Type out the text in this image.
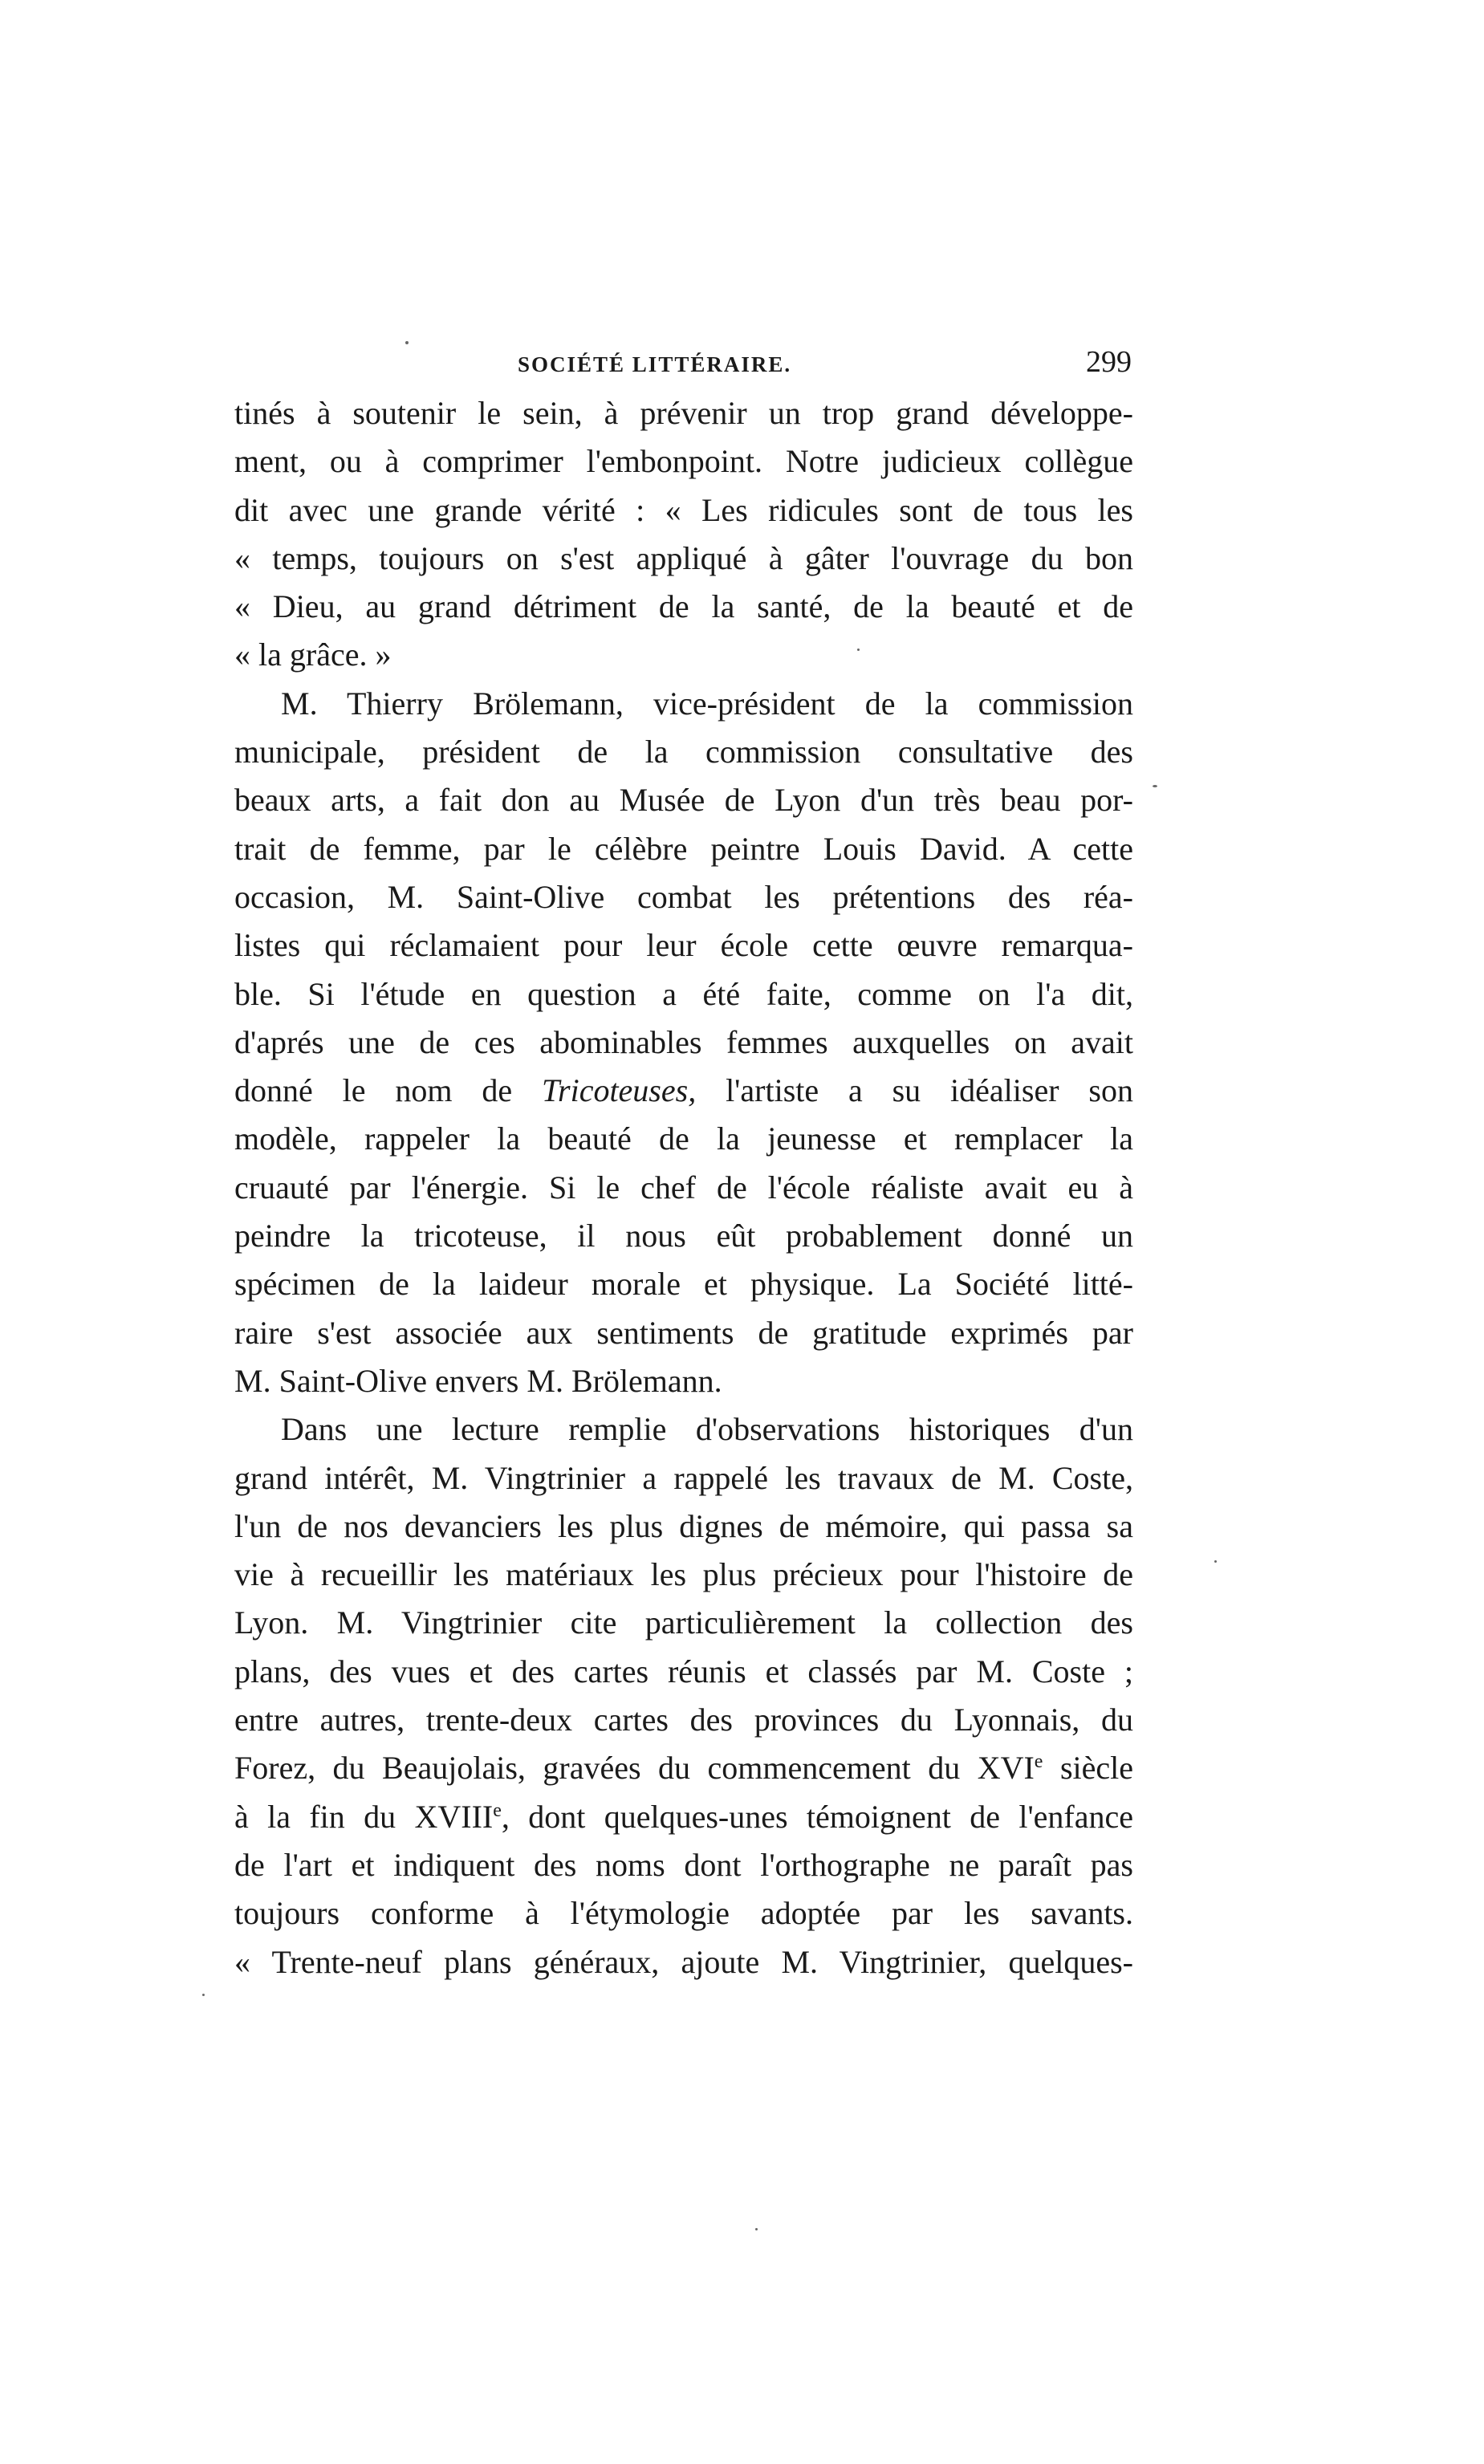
SOCIÉTÉ LITTÉRAIRE.	299
tinés à soutenir le sein, à prévenir un trop grand développe-
ment, ou à comprimer l'embonpoint. Notre judicieux collègue
dit avec une grande vérité : « Les ridicules sont de tous les
« temps, toujours on s'est appliqué à gâter l'ouvrage du bon
« Dieu, au grand détriment de la santé, de la beauté et de
« la grâce. »
M. Thierry Brölemann, vice-président de la commission
municipale, président de la commission consultative des
beaux arts, a fait don au Musée de Lyon d'un très beau por-
trait de femme, par le célèbre peintre Louis David. A cette
occasion, M. Saint-Olive combat les prétentions des réa-
listes qui réclamaient pour leur école cette œuvre remarqua-
ble. Si l'étude en question a été faite, comme on l'a dit,
d'aprés une de ces abominables femmes auxquelles on avait
donné le nom de Tricoteuses, l'artiste a su idéaliser son
modèle, rappeler la beauté de la jeunesse et remplacer la
cruauté par l'énergie. Si le chef de l'école réaliste avait eu à
peindre la tricoteuse, il nous eût probablement donné un
spécimen de la laideur morale et physique. La Société litté-
raire s'est associée aux sentiments de gratitude exprimés par
M. Saint-Olive envers M. Brölemann.
Dans une lecture remplie d'observations historiques d'un
grand intérêt, M. Vingtrinier a rappelé les travaux de M. Coste,
l'un de nos devanciers les plus dignes de mémoire, qui passa sa
vie à recueillir les matériaux les plus précieux pour l'histoire de
Lyon. M. Vingtrinier cite particulièrement la collection des
plans, des vues et des cartes réunis et classés par M. Coste ;
entre autres, trente-deux cartes des provinces du Lyonnais, du
Forez, du Beaujolais, gravées du commencement du XVIe siècle
à la fin du XVIIIe, dont quelques-unes témoignent de l'enfance
de l'art et indiquent des noms dont l'orthographe ne paraît pas
toujours conforme à l'étymologie adoptée par les savants.
« Trente-neuf plans généraux, ajoute M. Vingtrinier, quelques-
